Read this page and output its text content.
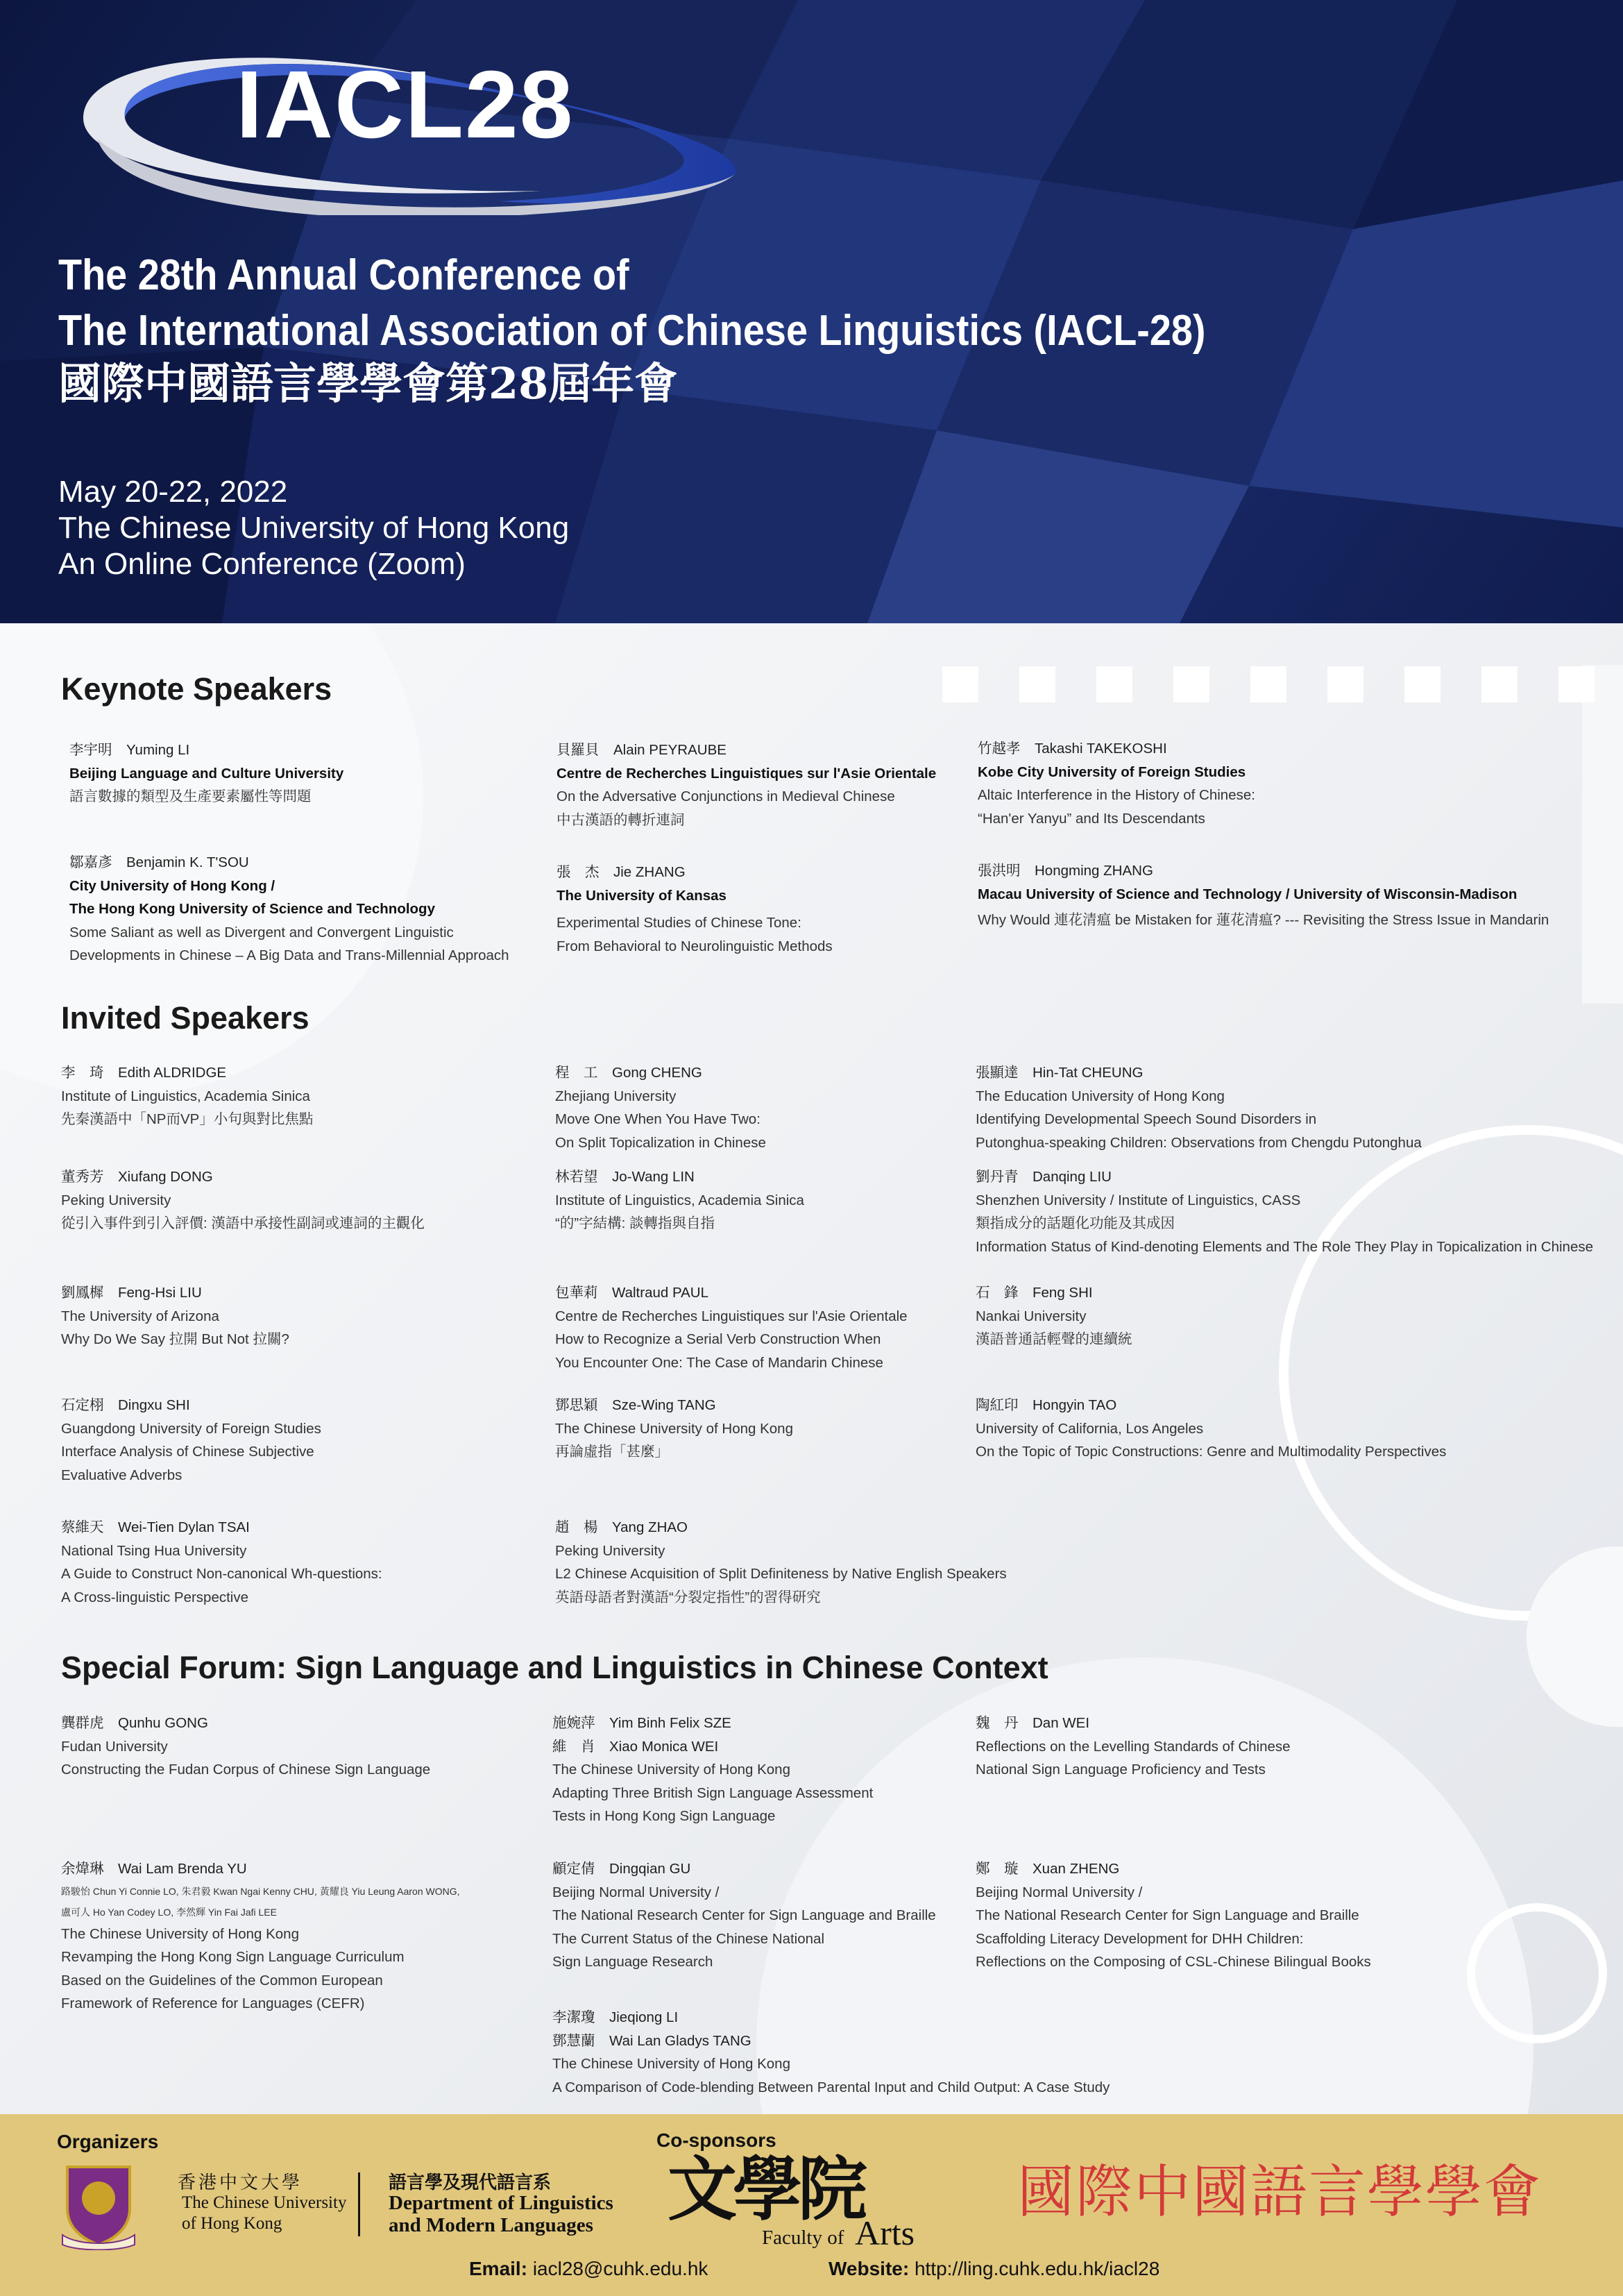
IACL28
The 28th Annual Conference of
The International Association of Chinese Linguistics (IACL-28)
國際中國語言學學會第28屆年會
May 20-22, 2022
The Chinese University of Hong Kong
An Online Conference (Zoom)
Keynote Speakers
李宇明　Yuming LI
Beijing Language and Culture University
語言數據的類型及生產要素屬性等問題
貝羅貝　Alain PEYRAUBE
Centre de Recherches Linguistiques sur l'Asie Orientale
On the Adversative Conjunctions in Medieval Chinese
中古漢語的轉折連詞
竹越孝　Takashi TAKEKOSHI
Kobe City University of Foreign Studies
Altaic Interference in the History of Chinese:
“Han'er Yanyu” and Its Descendants
鄒嘉彥　Benjamin K. T'SOU
City University of Hong Kong /
The Hong Kong University of Science and Technology
Some Saliant as well as Divergent and Convergent Linguistic
Developments in Chinese – A Big Data and Trans-Millennial Approach
張　杰　Jie ZHANG
The University of Kansas
Experimental Studies of Chinese Tone:
From Behavioral to Neurolinguistic Methods
張洪明　Hongming ZHANG
Macau University of Science and Technology / University of Wisconsin-Madison
Why Would 連花清瘟 be Mistaken for 蓮花清瘟? --- Revisiting the Stress Issue in Mandarin
Invited Speakers
李　琦　Edith ALDRIDGE
Institute of Linguistics, Academia Sinica
先秦漢語中「NP而VP」小句與對比焦點
程　工　Gong CHENG
Zhejiang University
Move One When You Have Two:
On Split Topicalization in Chinese
張顯達　Hin-Tat CHEUNG
The Education University of Hong Kong
Identifying Developmental Speech Sound Disorders in
Putonghua-speaking Children: Observations from Chengdu Putonghua
董秀芳　Xiufang DONG
Peking University
從引入事件到引入評價: 漢語中承接性副詞或連詞的主觀化
林若望　Jo-Wang LIN
Institute of Linguistics, Academia Sinica
“的”字結構: 談轉指與自指
劉丹青　Danqing LIU
Shenzhen University / Institute of Linguistics, CASS
類指成分的話題化功能及其成因
Information Status of Kind-denoting Elements and The Role They Play in Topicalization in Chinese
劉鳳樨　Feng-Hsi LIU
The University of Arizona
Why Do We Say 拉開 But Not 拉關?
包華莉　Waltraud PAUL
Centre de Recherches Linguistiques sur l'Asie Orientale
How to Recognize a Serial Verb Construction When
You Encounter One: The Case of Mandarin Chinese
石　鋒　Feng SHI
Nankai University
漢語普通話輕聲的連續統
石定栩　Dingxu SHI
Guangdong University of Foreign Studies
Interface Analysis of Chinese Subjective
Evaluative Adverbs
鄧思穎　Sze-Wing TANG
The Chinese University of Hong Kong
再論虛指「甚麼」
陶紅印　Hongyin TAO
University of California, Los Angeles
On the Topic of Topic Constructions: Genre and Multimodality Perspectives
蔡維天　Wei-Tien Dylan TSAI
National Tsing Hua University
A Guide to Construct Non-canonical Wh-questions:
A Cross-linguistic Perspective
趙　楊　Yang ZHAO
Peking University
L2 Chinese Acquisition of Split Definiteness by Native English Speakers
英語母語者對漢語“分裂定指性”的習得研究
Special Forum: Sign Language and Linguistics in Chinese Context
龔群虎　Qunhu GONG
Fudan University
Constructing the Fudan Corpus of Chinese Sign Language
施婉萍　Yim Binh Felix SZE
維　肖　Xiao Monica WEI
The Chinese University of Hong Kong
Adapting Three British Sign Language Assessment
Tests in Hong Kong Sign Language
魏　丹　Dan WEI
Reflections on the Levelling Standards of Chinese
National Sign Language Proficiency and Tests
余煒琳　Wai Lam Brenda YU
路駿怡 Chun Yi Connie LO, 朱君毅 Kwan Ngai Kenny CHU, 黃耀良 Yiu Leung Aaron WONG,
盧可人 Ho Yan Codey LO, 李然輝 Yin Fai Jafi LEE
The Chinese University of Hong Kong
Revamping the Hong Kong Sign Language Curriculum
Based on the Guidelines of the Common European
Framework of Reference for Languages (CEFR)
顧定倩　Dingqian GU
Beijing Normal University /
The National Research Center for Sign Language and Braille
The Current Status of the Chinese National
Sign Language Research
鄭　璇　Xuan ZHENG
Beijing Normal University /
The National Research Center for Sign Language and Braille
Scaffolding Literacy Development for DHH Children:
Reflections on the Composing of CSL-Chinese Bilingual Books
李潔瓊　Jieqiong LI
鄧慧蘭　Wai Lan Gladys TANG
The Chinese University of Hong Kong
A Comparison of Code-blending Between Parental Input and Child Output: A Case Study
Organizers	Co-sponsors
香港中文大學
The Chinese University
of Hong Kong
語言學及現代語言系
Department of Linguistics
and Modern Languages 文學院
Faculty of Arts
國際中國語言學學會
Email: iacl28@cuhk.edu.hk	Website: http://ling.cuhk.edu.hk/iacl28
